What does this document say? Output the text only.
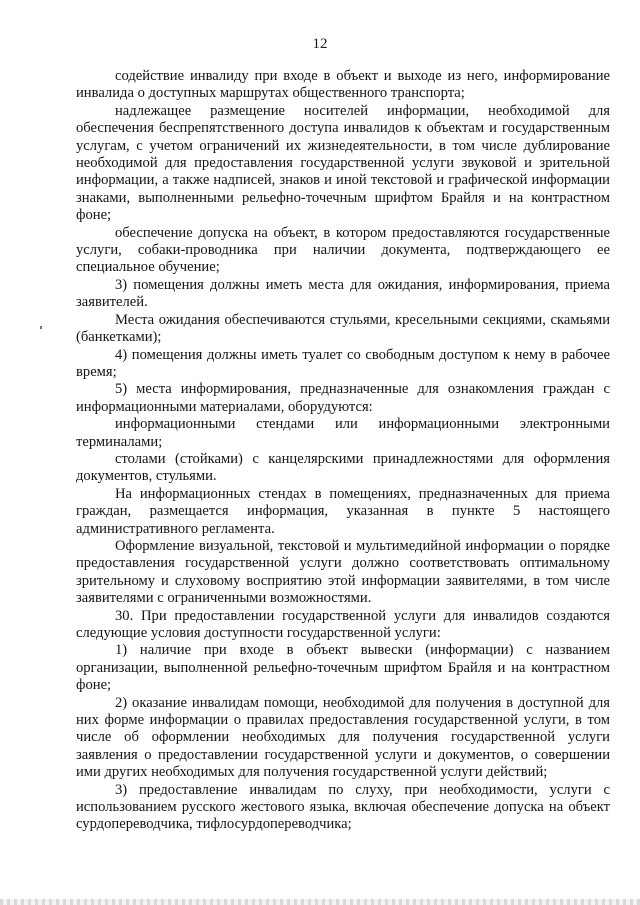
12

содействие инвалиду при входе в объект и выходе из него, информирование инвалида о доступных маршрутах общественного транспорта;

надлежащее размещение носителей информации, необходимой для обеспечения беспрепятственного доступа инвалидов к объектам и государственным услугам, с учетом ограничений их жизнедеятельности, в том числе дублирование необходимой для предоставления государственной услуги звуковой и зрительной информации, а также надписей, знаков и иной текстовой и графической информации знаками, выполненными рельефно-точечным шрифтом Брайля и на контрастном фоне;

обеспечение допуска на объект, в котором предоставляются государственные услуги, собаки-проводника при наличии документа, подтверждающего ее специальное обучение;

3) помещения должны иметь места для ожидания, информирования, приема заявителей.

Места ожидания обеспечиваются стульями, кресельными секциями, скамьями (банкетками);

4) помещения должны иметь туалет со свободным доступом к нему в рабочее время;

5) места информирования, предназначенные для ознакомления граждан с информационными материалами, оборудуются:

информационными стендами или информационными электронными терминалами;

столами (стойками) с канцелярскими принадлежностями для оформления документов, стульями.

На информационных стендах в помещениях, предназначенных для приема граждан, размещается информация, указанная в пункте 5 настоящего административного регламента.

Оформление визуальной, текстовой и мультимедийной информации о порядке предоставления государственной услуги должно соответствовать оптимальному зрительному и слуховому восприятию этой информации заявителями, в том числе заявителями с ограниченными возможностями.

30. При предоставлении государственной услуги для инвалидов создаются следующие условия доступности государственной услуги:

1) наличие при входе в объект вывески (информации) с названием организации, выполненной рельефно-точечным шрифтом Брайля и на контрастном фоне;

2) оказание инвалидам помощи, необходимой для получения в доступной для них форме информации о правилах предоставления государственной услуги, в том числе об оформлении необходимых для получения государственной услуги заявления о предоставлении государственной услуги и документов, о совершении ими других необходимых для получения государственной услуги действий;

3) предоставление инвалидам по слуху, при необходимости, услуги с использованием русского жестового языка, включая обеспечение допуска на объект сурдопереводчика, тифлосурдопереводчика;
